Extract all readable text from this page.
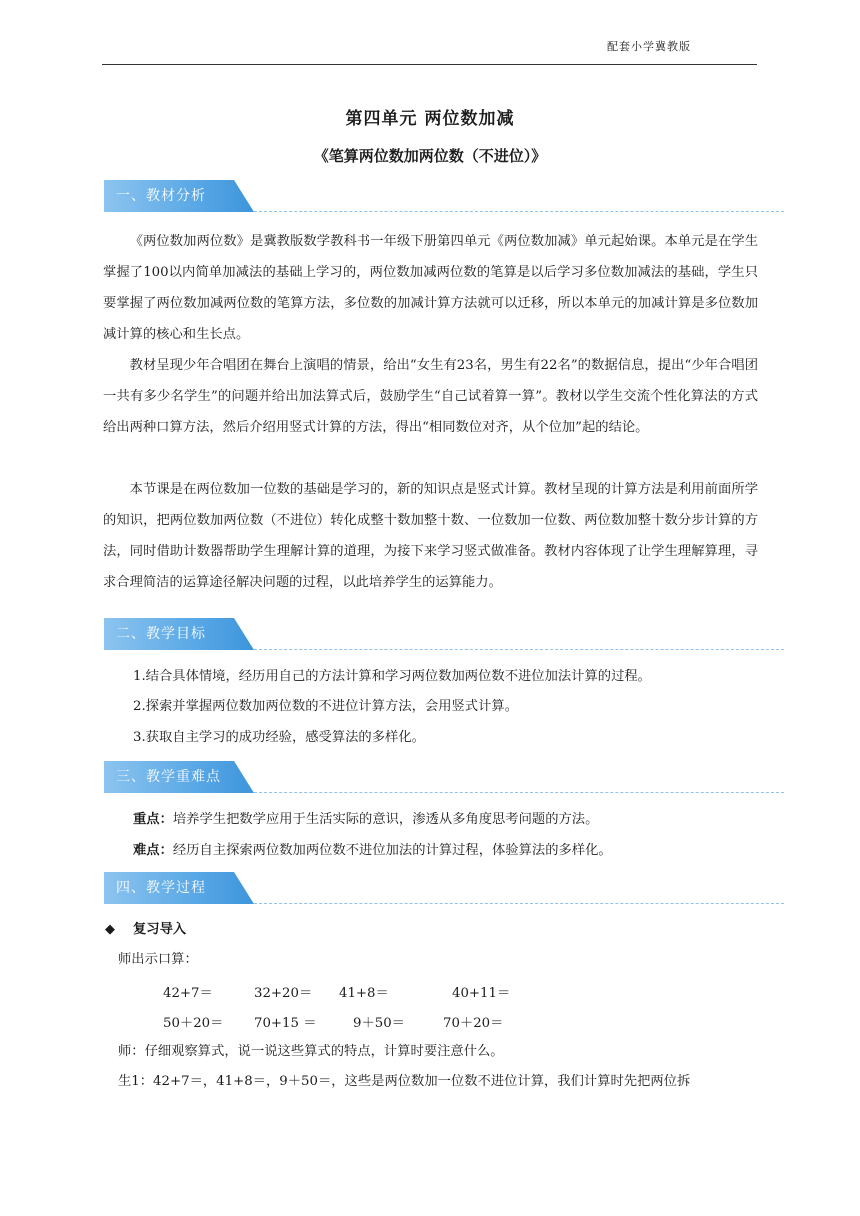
配套小学冀教版
第四单元 两位数加减
《笔算两位数加两位数（不进位）》
一、教材分析
《两位数加两位数》是冀教版数学教科书一年级下册第四单元《两位数加减》单元起始课。本单元是在学生掌握了100以内简单加减法的基础上学习的，两位数加减两位数的笔算是以后学习多位数加减法的基础，学生只要掌握了两位数加减两位数的笔算方法，多位数的加减计算方法就可以迁移，所以本单元的加减计算是多位数加减计算的核心和生长点。
教材呈现少年合唱团在舞台上演唱的情景，给出“女生有23名，男生有22名”的数据信息，提出“少年合唱团一共有多少名学生”的问题并给出加法算式后，鼓励学生“自己试着算一算”。教材以学生交流个性化算法的方式给出两种口算方法，然后介绍用竖式计算的方法，得出“相同数位对齐，从个位加”起的结论。
本节课是在两位数加一位数的基础是学习的，新的知识点是竖式计算。教材呈现的计算方法是利用前面所学的知识，把两位数加两位数（不进位）转化成整十数加整十数、一位数加一位数、两位数加整十数分步计算的方法，同时借助计数器帮助学生理解计算的道理，为接下来学习竖式做准备。教材内容体现了让学生理解算理，寻求合理简洁的运算途径解决问题的过程，以此培养学生的运算能力。
二、教学目标
1.结合具体情境，经历用自己的方法计算和学习两位数加两位数不进位加法计算的过程。
2.探索并掌握两位数加两位数的不进位计算方法，会用竖式计算。
3.获取自主学习的成功经验，感受算法的多样化。
三、教学重难点
重点：培养学生把数学应用于生活实际的意识，渗透从多角度思考问题的方法。
难点：经历自主探索两位数加两位数不进位加法的计算过程，体验算法的多样化。
四、教学过程
◆ 复习导入
师出示口算：
42+7＝	32+20＝ 41+8＝	40+11＝
50＋20＝ 70+15 ＝	9＋50＝	70＋20＝
师：仔细观察算式，说一说这些算式的特点，计算时要注意什么。
生1：42+7＝，41+8＝，9＋50＝，这些是两位数加一位数不进位计算，我们计算时先把两位拆
